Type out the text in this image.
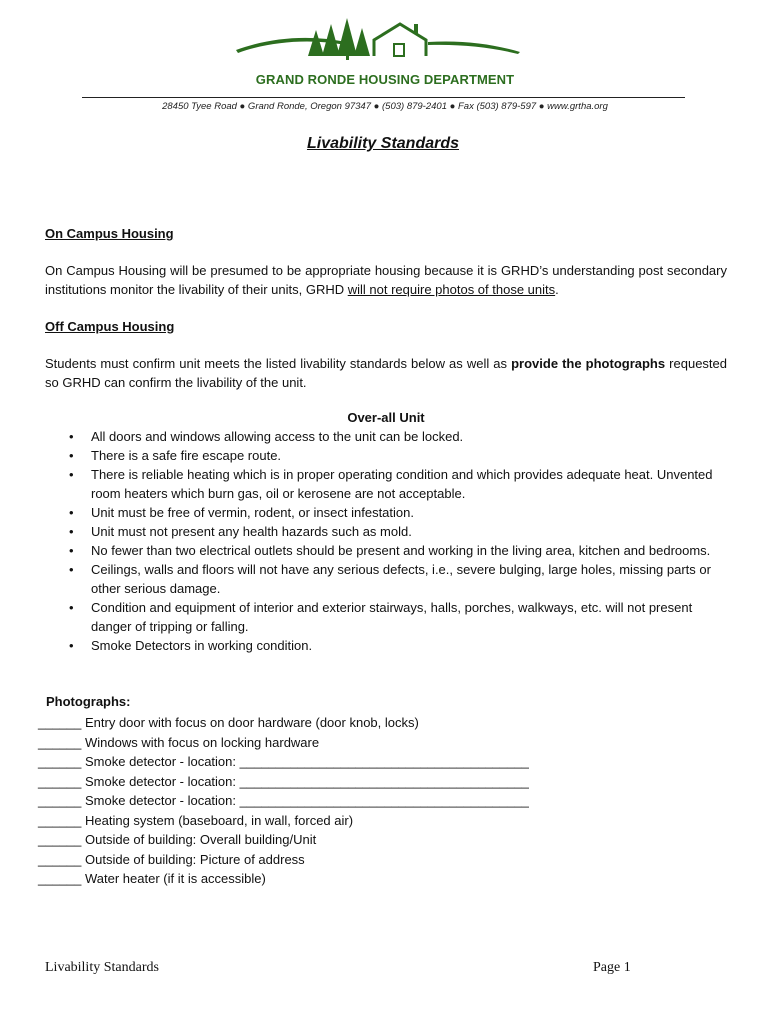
GRAND RONDE HOUSING DEPARTMENT
28450 Tyee Road ● Grand Ronde, Oregon 97347 ● (503) 879-2401 ● Fax (503) 879-597 ● www.grtha.org
Livability Standards

On Campus Housing

On Campus Housing will be presumed to be appropriate housing because it is GRHD’s understanding post secondary institutions monitor the livability of their units, GRHD will not require photos of those units.

Off Campus Housing

Students must confirm unit meets the listed livability standards below as well as provide the photographs requested so GRHD can confirm the livability of the unit.

Over-all Unit

• All doors and windows allowing access to the unit can be locked.
• There is a safe fire escape route.
• There is reliable heating which is in proper operating condition and which provides adequate heat. Unvented room heaters which burn gas, oil or kerosene are not acceptable.
• Unit must be free of vermin, rodent, or insect infestation.
• Unit must not present any health hazards such as mold.
• No fewer than two electrical outlets should be present and working in the living area, kitchen and bedrooms.
• Ceilings, walls and floors will not have any serious defects, i.e., severe bulging, large holes, missing parts or other serious damage.
• Condition and equipment of interior and exterior stairways, halls, porches, walkways, etc. will not present danger of tripping or falling.
• Smoke Detectors in working condition.
Photographs:
______ Entry door with focus on door hardware (door knob, locks)
______ Windows with focus on locking hardware
______ Smoke detector - location: ________________________________________
______ Smoke detector - location: ________________________________________
______ Smoke detector - location: ________________________________________
______ Heating system (baseboard, in wall, forced air)
______ Outside of building: Overall building/Unit
______ Outside of building: Picture of address
______ Water heater (if it is accessible)
Livability Standards	Page 1
